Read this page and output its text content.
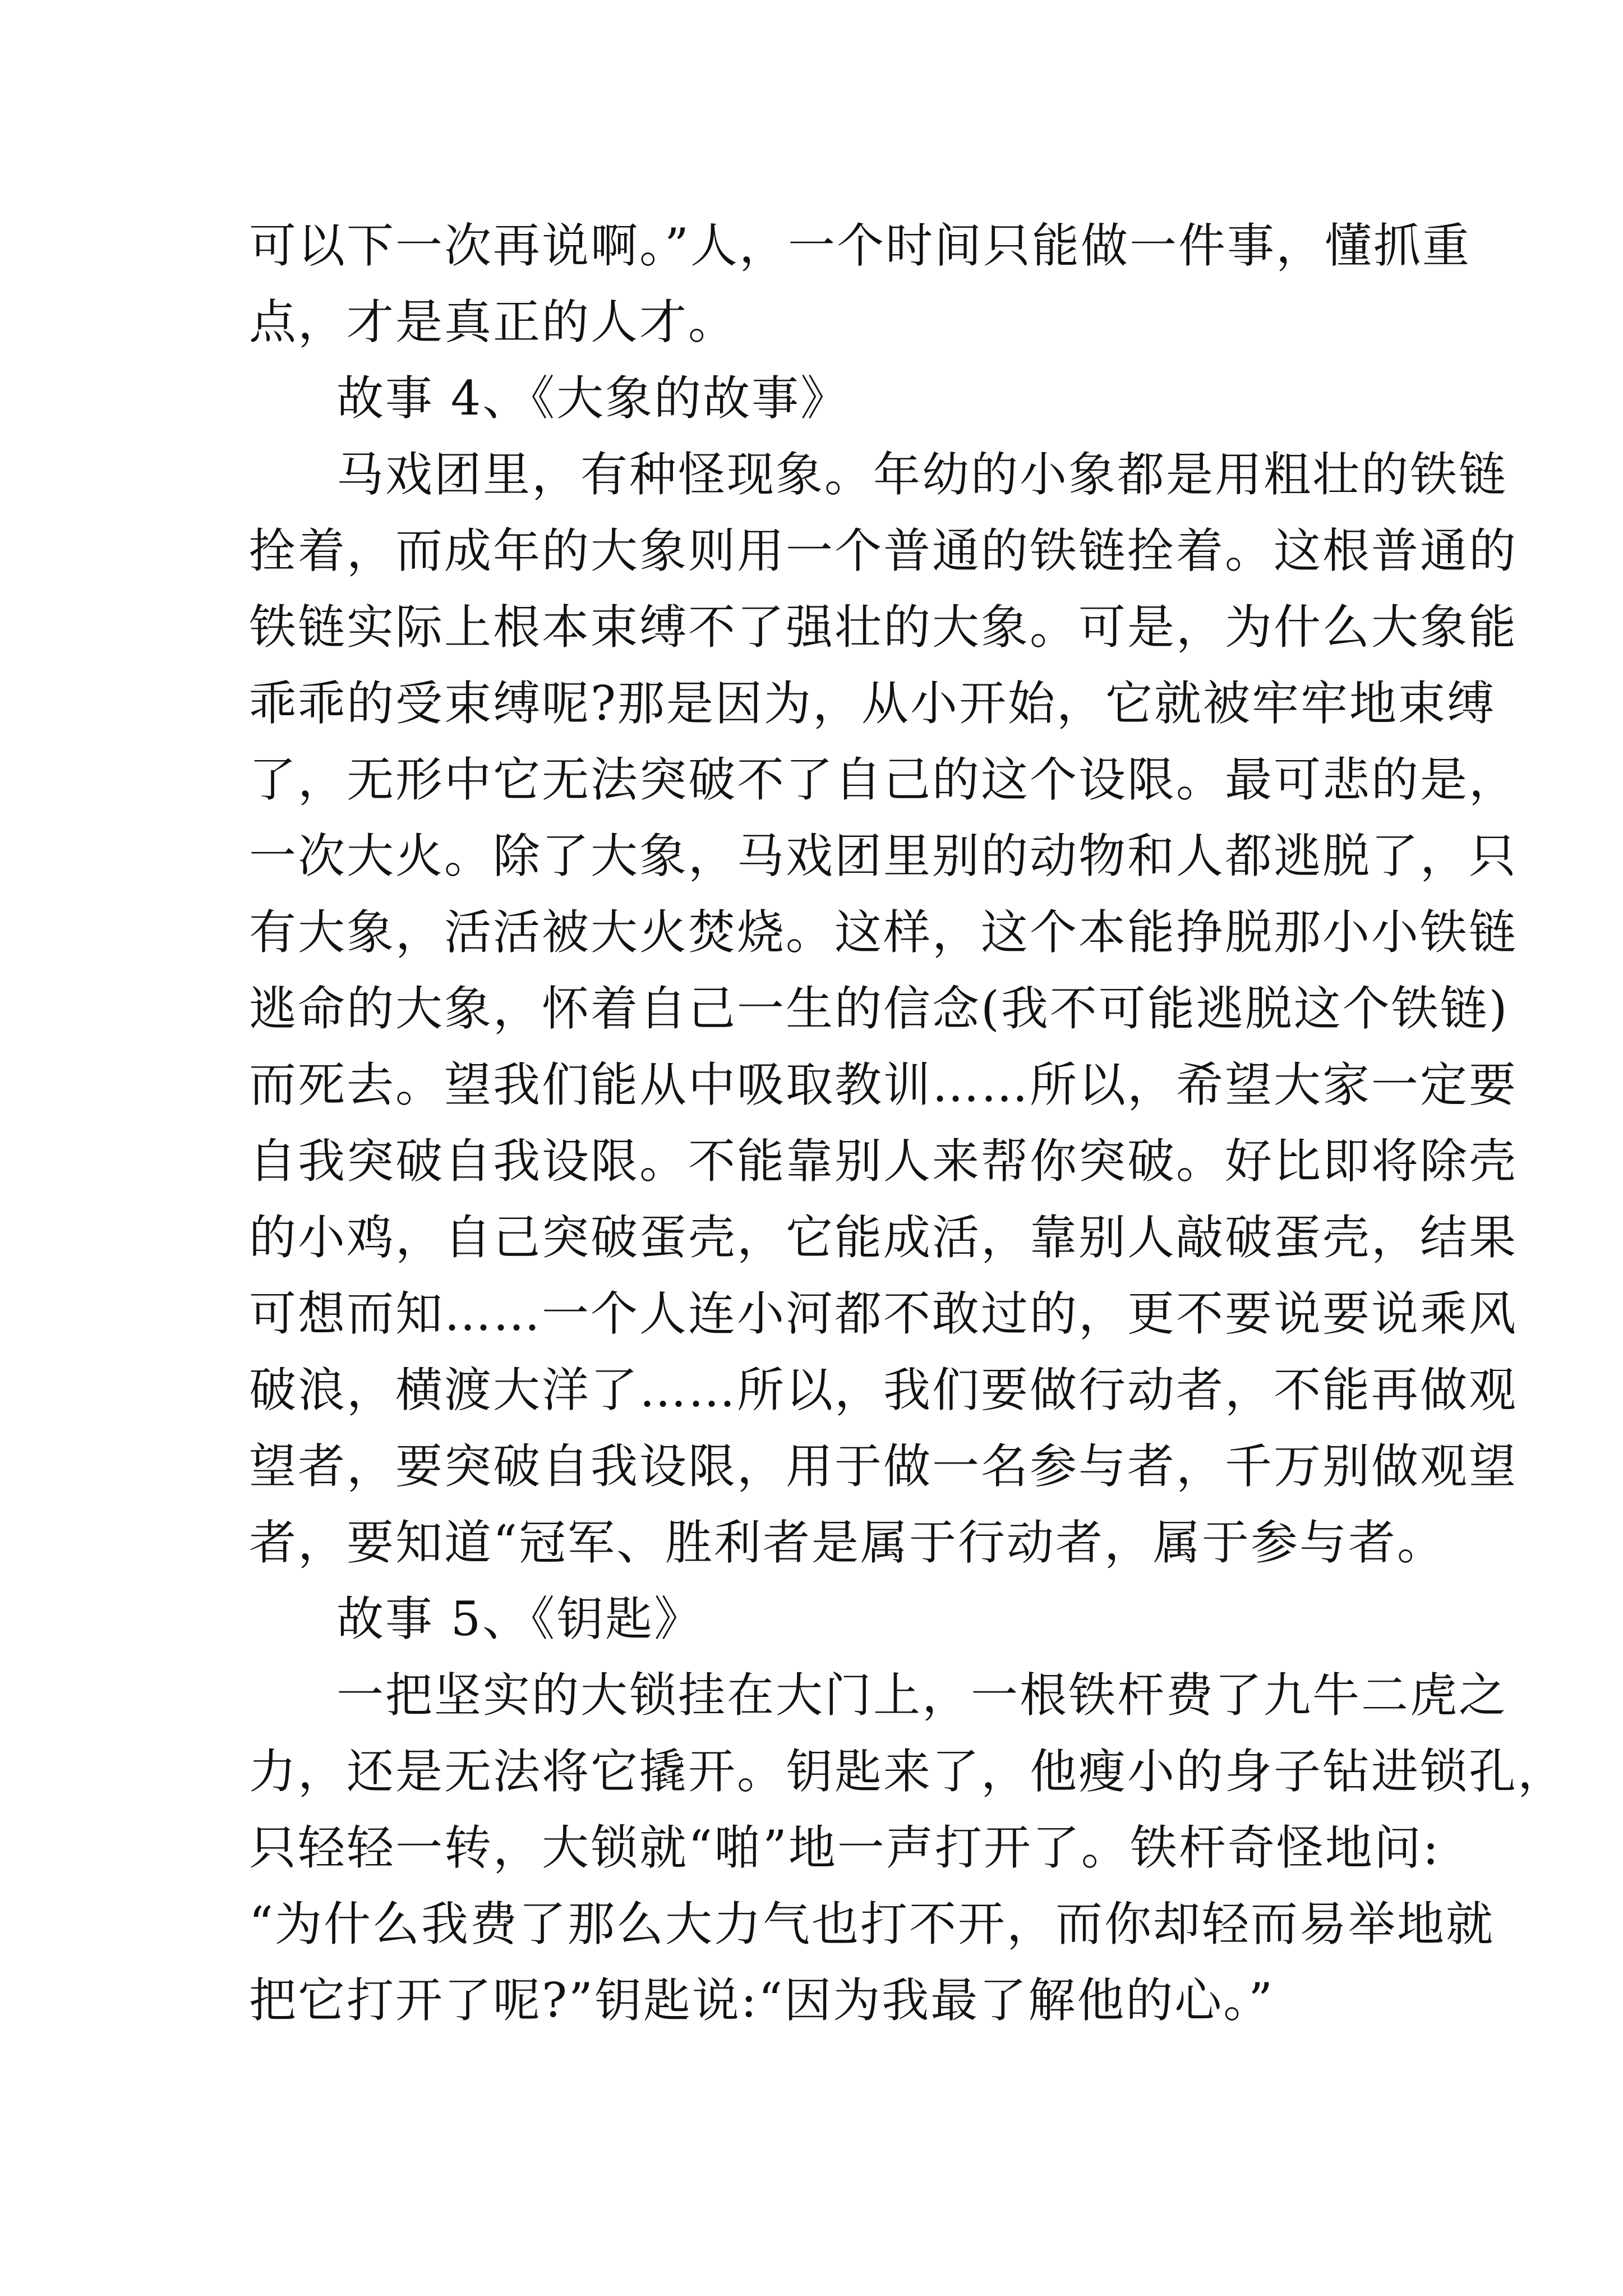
可以下一次再说啊。”人，一个时间只能做一件事，懂抓重
点，才是真正的人才。
故事 4、《大象的故事》
马戏团里，有种怪现象。年幼的小象都是用粗壮的铁链
拴着，而成年的大象则用一个普通的铁链拴着。这根普通的
铁链实际上根本束缚不了强壮的大象。可是，为什么大象能
乖乖的受束缚呢?那是因为，从小开始，它就被牢牢地束缚
了，无形中它无法突破不了自己的这个设限。最可悲的是，
一次大火。除了大象，马戏团里别的动物和人都逃脱了，只
有大象，活活被大火焚烧。这样，这个本能挣脱那小小铁链
逃命的大象，怀着自己一生的信念(我不可能逃脱这个铁链)
而死去。望我们能从中吸取教训……所以，希望大家一定要
自我突破自我设限。不能靠别人来帮你突破。好比即将除壳
的小鸡，自己突破蛋壳，它能成活，靠别人敲破蛋壳，结果
可想而知……一个人连小河都不敢过的，更不要说要说乘风
破浪，横渡大洋了……所以，我们要做行动者，不能再做观
望者，要突破自我设限，用于做一名参与者，千万别做观望
者，要知道“冠军、胜利者是属于行动者，属于参与者。
故事 5、《钥匙》
一把坚实的大锁挂在大门上，一根铁杆费了九牛二虎之
力，还是无法将它撬开。钥匙来了，他瘦小的身子钻进锁孔，
只轻轻一转，大锁就“啪”地一声打开了。铁杆奇怪地问:
“为什么我费了那么大力气也打不开，而你却轻而易举地就
把它打开了呢?”钥匙说:“因为我最了解他的心。”
